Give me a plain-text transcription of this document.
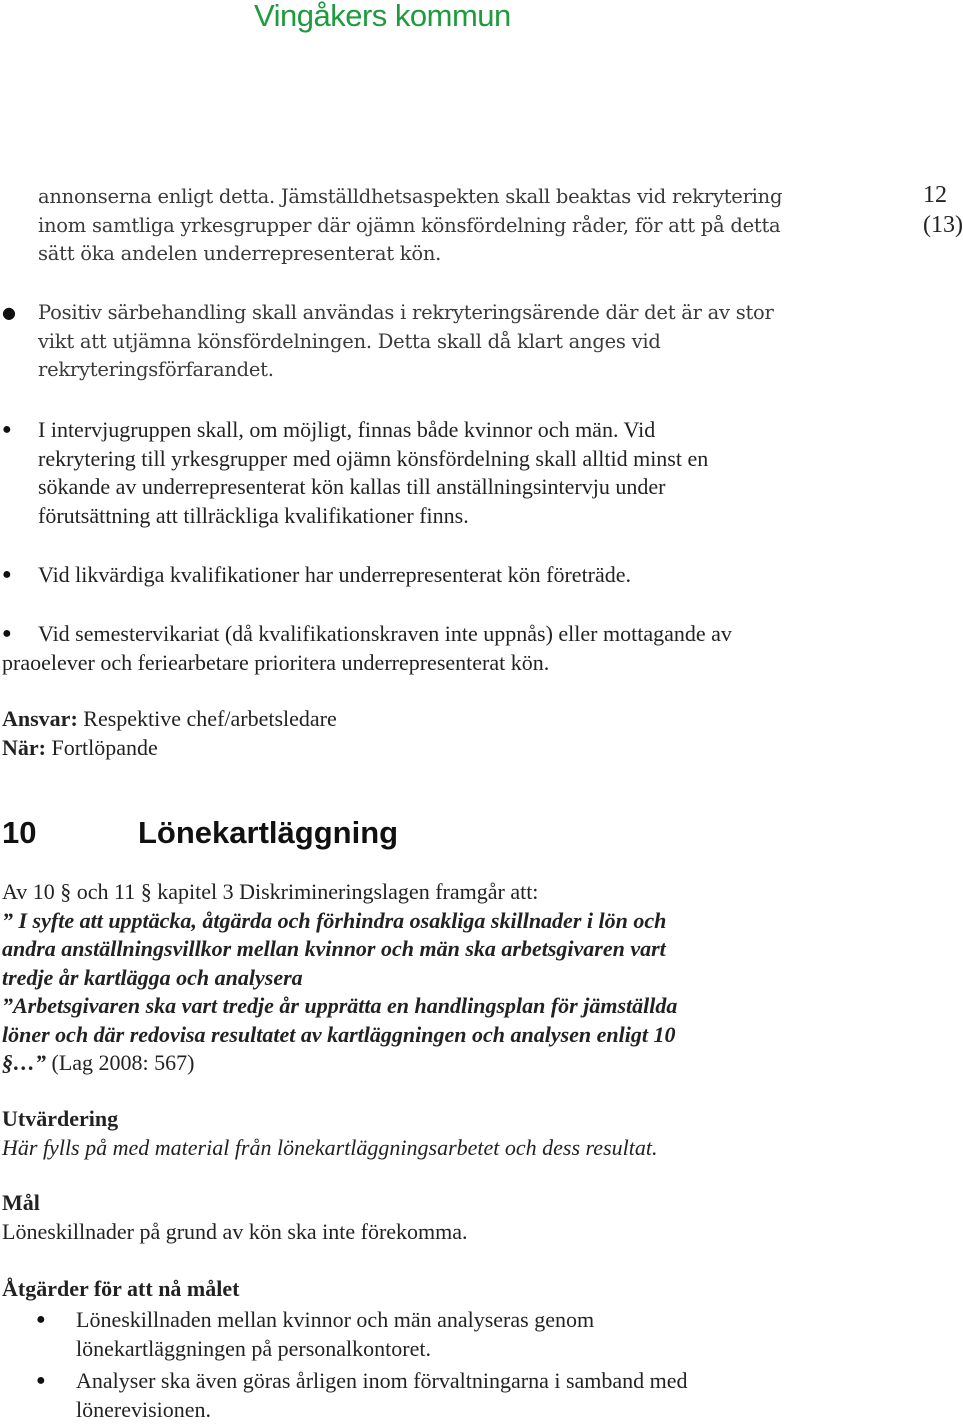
Vingåkers kommun
12 (13)
annonserna enligt detta. Jämställdhetsaspekten skall beaktas vid rekrytering
inom samtliga yrkesgrupper där ojämn könsfördelning råder, för att på detta
sätt öka andelen underrepresenterat kön.
● Positiv särbehandling skall användas i rekryteringsärende där det är av stor
vikt att utjämna könsfördelningen. Detta skall då klart anges vid
rekryteringsförfarandet.
● I intervjugruppen skall, om möjligt, finnas både kvinnor och män. Vid
rekrytering till yrkesgrupper med ojämn könsfördelning skall alltid minst en
sökande av underrepresenterat kön kallas till anställningsintervju under
förutsättning att tillräckliga kvalifikationer finns.
● Vid likvärdiga kvalifikationer har underrepresenterat kön företräde.
● Vid semestervikariat (då kvalifikationskraven inte uppnås) eller mottagande av
praoelever och feriearbetare prioritera underrepresenterat kön.
Ansvar: Respektive chef/arbetsledare
När: Fortlöpande
10	Lönekartläggning
Av 10 § och 11 § kapitel 3 Diskrimineringslagen framgår att:
” I syfte att upptäcka, åtgärda och förhindra osakliga skillnader i lön och
andra anställningsvillkor mellan kvinnor och män ska arbetsgivaren vart
tredje år kartlägga och analysera
”Arbetsgivaren ska vart tredje år upprätta en handlingsplan för jämställda
löner och där redovisa resultatet av kartläggningen och analysen enligt 10
§…” (Lag 2008: 567)
Utvärdering
Här fylls på med material från lönekartläggningsarbetet och dess resultat.
Mål
Löneskillnader på grund av kön ska inte förekomma.
Åtgärder för att nå målet
● Löneskillnaden mellan kvinnor och män analyseras genom
lönekartläggningen på personalkontoret.
● Analyser ska även göras årligen inom förvaltningarna i samband med
lönerevisionen.
